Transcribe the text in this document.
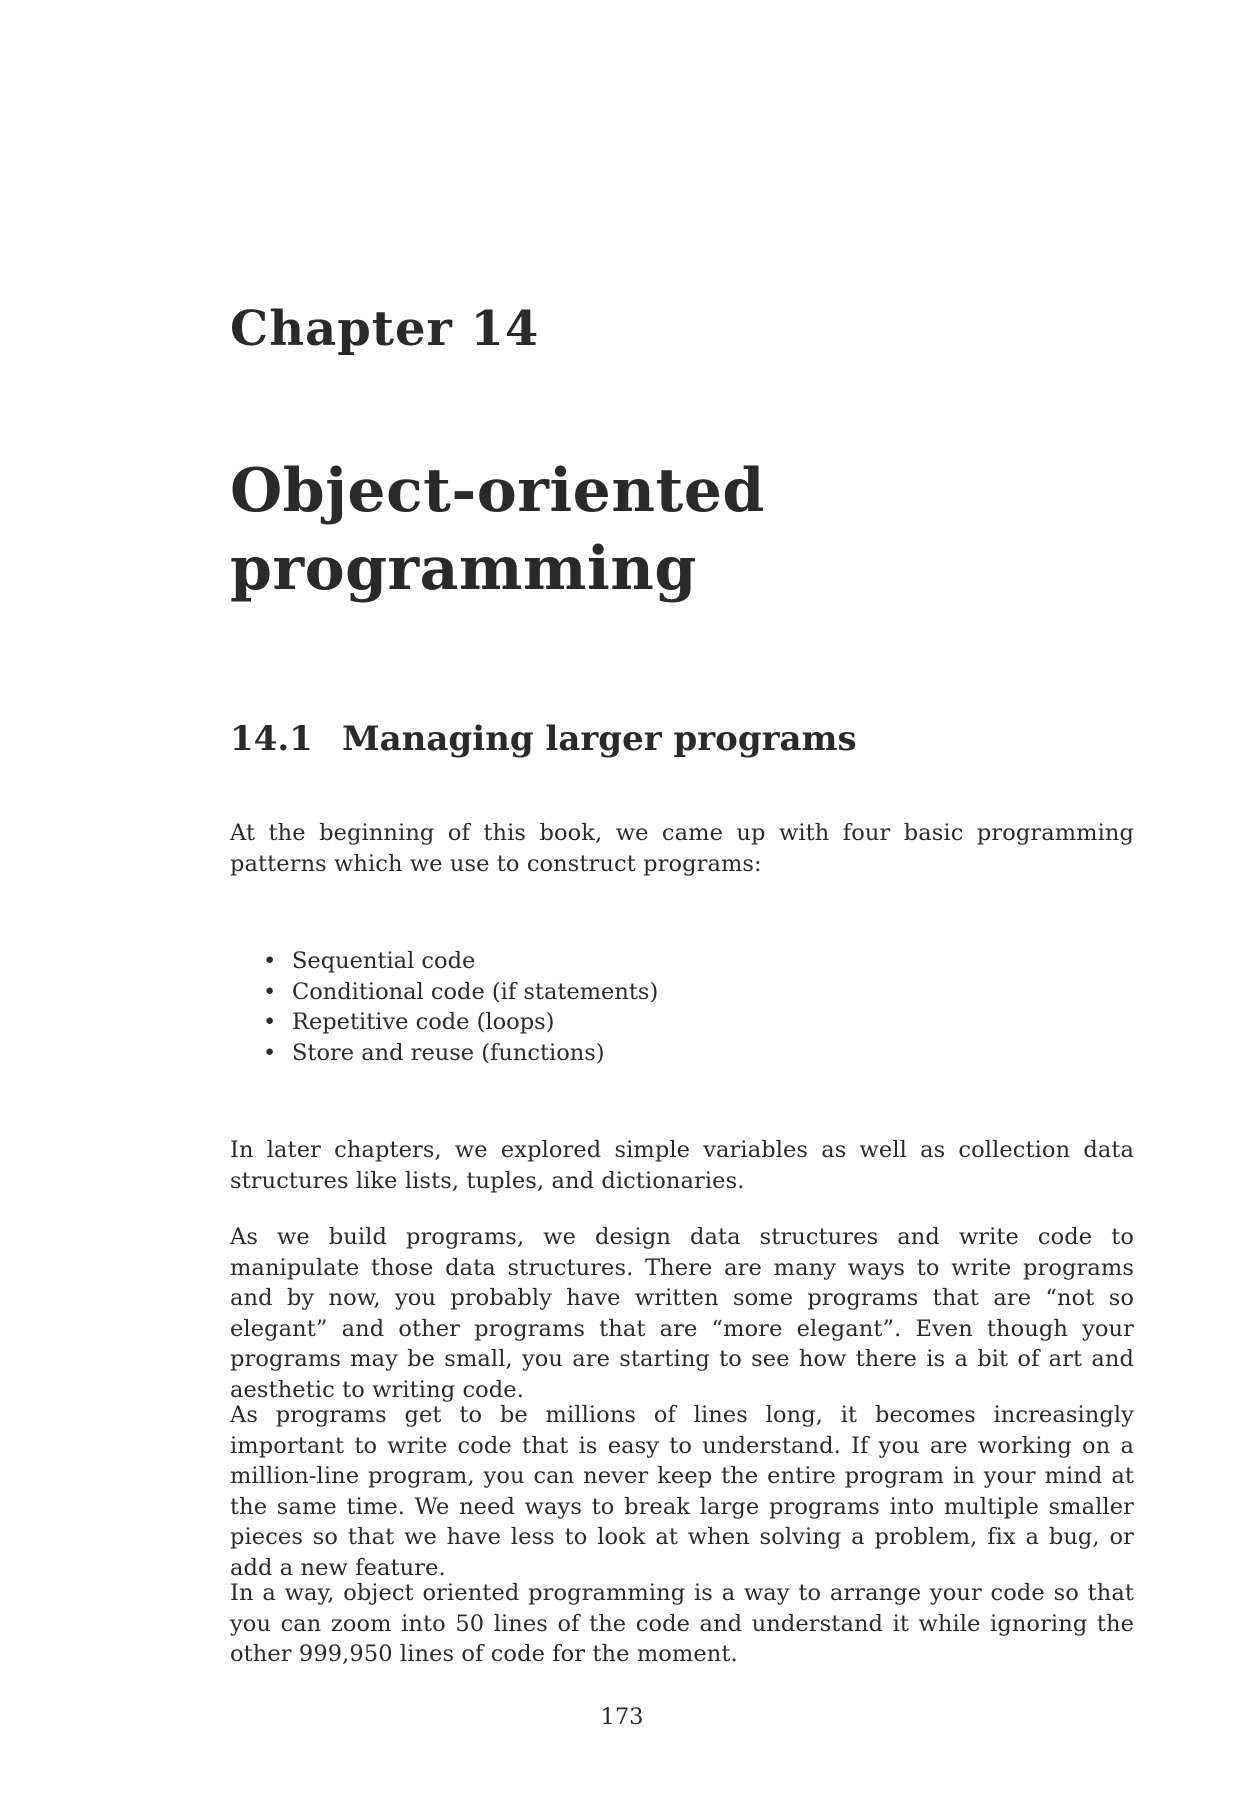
Chapter 14
Object-oriented programming
14.1 Managing larger programs

At the beginning of this book, we came up with four basic programming patterns which we use to construct programs:

• Sequential code
• Conditional code (if statements)
• Repetitive code (loops)
• Store and reuse (functions)

In later chapters, we explored simple variables as well as collection data structures like lists, tuples, and dictionaries.

As we build programs, we design data structures and write code to manipulate those data structures. There are many ways to write programs and by now, you probably have written some programs that are “not so elegant” and other programs that are “more elegant”. Even though your programs may be small, you are starting to see how there is a bit of art and aesthetic to writing code.

As programs get to be millions of lines long, it becomes increasingly important to write code that is easy to understand. If you are working on a million-line program, you can never keep the entire program in your mind at the same time. We need ways to break large programs into multiple smaller pieces so that we have less to look at when solving a problem, fix a bug, or add a new feature.

In a way, object oriented programming is a way to arrange your code so that you can zoom into 50 lines of the code and understand it while ignoring the other 999,950 lines of code for the moment.

173
